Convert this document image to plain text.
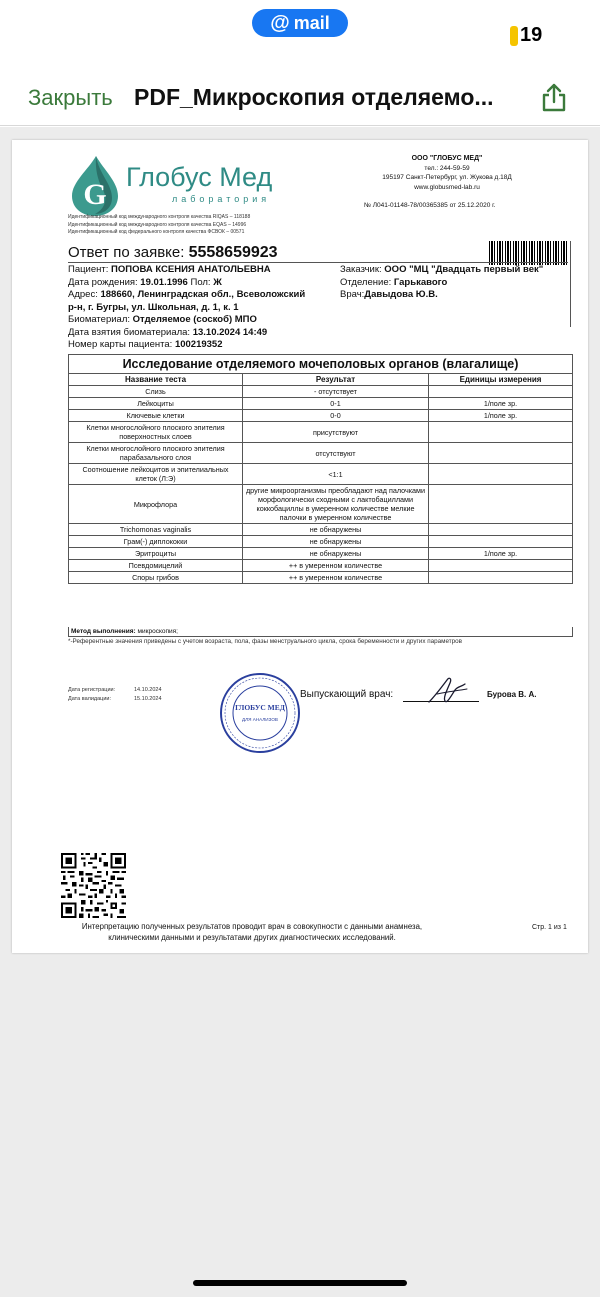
@ mail
19
Закрыть PDF_Микроскопия отделяемо...
G
Глобус Мед
лаборатория
Идентификационный код международного контроля качества RIQAS – 118188
Идентификационный код международного контроля качества EQAS – 14996
Идентификационный код федерального контроля качества ФСВОК – 00571
ООО "ГЛОБУС МЕД"
тел.: 244-59-59
195197 Санкт-Петербург, ул. Жукова д.18Д
www.globusmed-lab.ru
№ Л041-01148-78/00365385 от 25.12.2020 г.
Ответ по заявке: 5558659923
Пациент: ПОПОВА КСЕНИЯ АНАТОЛЬЕВНА
Дата рождения: 19.01.1996 Пол: Ж
Адрес: 188660, Ленинградская обл., Всеволожский
р-н, г. Бугры, ул. Школьная, д. 1, к. 1
Биоматериал: Отделяемое (соскоб) МПО
Дата взятия биоматериала: 13.10.2024 14:49
Номер карты пациента: 100219352
Заказчик: ООО "МЦ "Двадцать первый век"
Отделение: Гарькавого
Врач:Давыдова Ю.В.
Исследование отделяемого мочеполовых органов (влагалище)
Название теста	Результат	Единицы измерения
Слизь	- отсутствует	
Лейкоциты	0-1	1/поле зр.
Ключевые клетки	0-0	1/поле зр.
Клетки многослойного плоского эпителия поверхностных слоев	присутствуют	
Клетки многослойного плоского эпителия парабазального слоя	отсутствуют	
Соотношение лейкоцитов и эпителиальных клеток (Л:Э)	<1:1	
Микрофлора	другие микроорганизмы преобладают над палочками морфологически сходными с лактобациллами коккобациллы в умеренном количестве мелкие палочки в умеренном количестве	
Trichomonas vaginalis	не обнаружены	
Грам(-) диплококки	не обнаружены	
Эритроциты	не обнаружены	1/поле зр.
Псевдомицелий	++ в умеренном количестве	
Споры грибов	++ в умеренном количестве	
Метод выполнения: микроскопия;
*-Референтные значения приведены с учетом возраста, пола, фазы менструального цикла, срока беременности и других параметров
Дата регистрации:	14.10.2024
Дата валидации:	15.10.2024
ГЛОБУС МЕД
ДЛЯ АНАЛИЗОВ
Выпускающий врач:	Бурова В. А.
Интерпретацию полученных результатов проводит врач в совокупности с данными анамнеза,
клиническими данными и результатами других диагностических исследований.
Стр. 1 из 1
